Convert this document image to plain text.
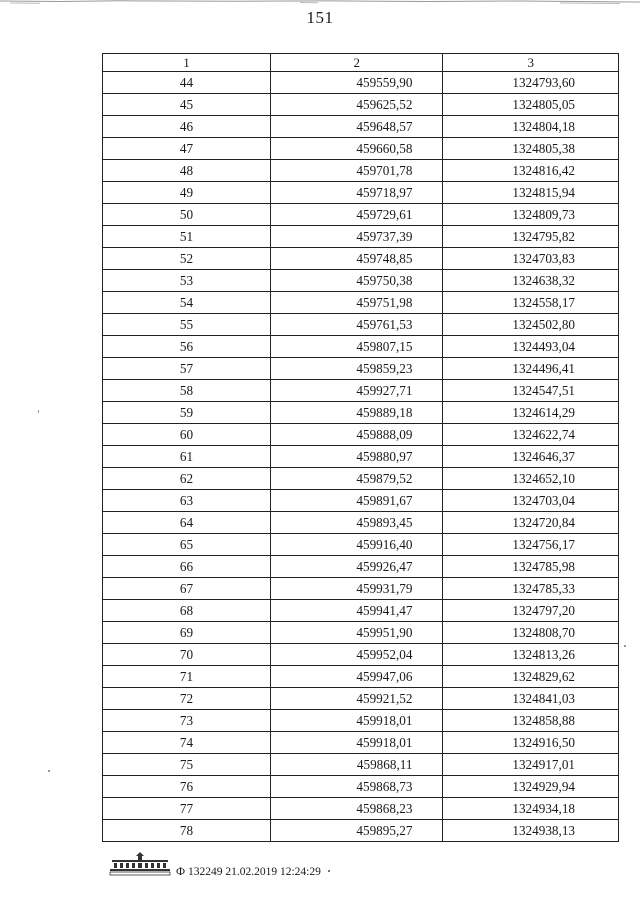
151
1	2	3
44	459559,90	1324793,60
45	459625,52	1324805,05
46	459648,57	1324804,18
47	459660,58	1324805,38
48	459701,78	1324816,42
49	459718,97	1324815,94
50	459729,61	1324809,73
51	459737,39	1324795,82
52	459748,85	1324703,83
53	459750,38	1324638,32
54	459751,98	1324558,17
55	459761,53	1324502,80
56	459807,15	1324493,04
57	459859,23	1324496,41
58	459927,71	1324547,51
59	459889,18	1324614,29
60	459888,09	1324622,74
61	459880,97	1324646,37
62	459879,52	1324652,10
63	459891,67	1324703,04
64	459893,45	1324720,84
65	459916,40	1324756,17
66	459926,47	1324785,98
67	459931,79	1324785,33
68	459941,47	1324797,20
69	459951,90	1324808,70
70	459952,04	1324813,26
71	459947,06	1324829,62
72	459921,52	1324841,03
73	459918,01	1324858,88
74	459918,01	1324916,50
75	459868,11	1324917,01
76	459868,73	1324929,94
77	459868,23	1324934,18
78	459895,27	1324938,13
Ф 132249 21.02.2019 12:24:29
